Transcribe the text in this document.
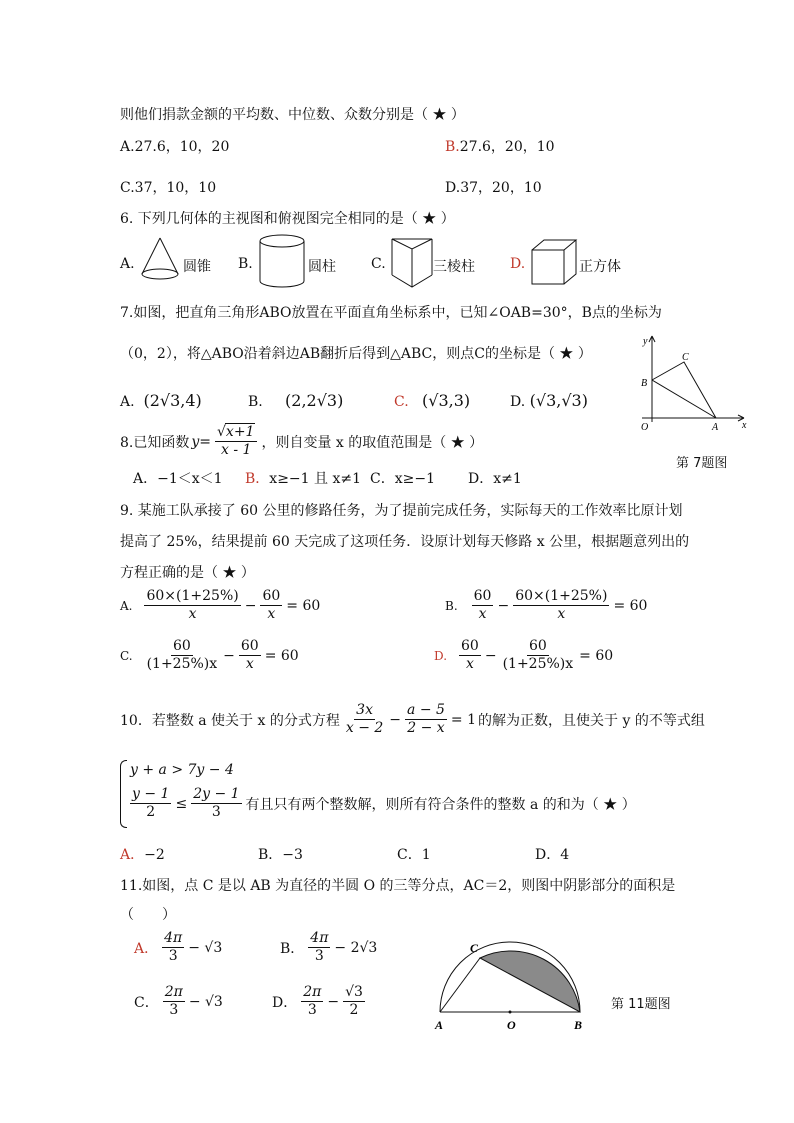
则他们捐款金额的平均数、中位数、众数分别是（ ★ ）
A.27.6，10，20	B.27.6，20，10
C.37，10，10	D.37，20，10
6. 下列几何体的主视图和俯视图完全相同的是（ ★ ）
A.	圆锥 B.	圆柱	C.	三棱柱	D.	正方体
7.如图，把直角三角形ABO放置在平面直角坐标系中，已知∠OAB=30°，B点的坐标为
（0，2），将△ABO沿着斜边AB翻折后得到△ABC，则点C的坐标是（ ★ ）
A. (2√3,4)	B. (2,2√3)	C. (√3,3)	D. (√3,√3)
y
x
O	A
B
C
第 7题图
8.已知函数 $y= \frac{√x+1}{x - 1}$ ，则自变量 x 的取值范围是（ ★ ）
A．−1＜x＜1 B．x≥−1 且 x≠1 C．x≥−1 D．x≠1
9. 某施工队承接了 60 公里的修路任务，为了提前完成任务，实际每天的工作效率比原计划
提高了 25%，结果提前 60 天完成了这项任务．设原计划每天修路 x 公里，根据题意列出的
方程正确的是（ ★ ）
A. $\frac{60\times(1+25\%)}{x} - \frac{60}{x} = 60$	B. $\frac{60}{x} - \frac{60\times(1+25\%)}{x} = 60$
C. $\frac{60}{(1+25\%)x} - \frac{60}{x} = 60$	D. $\frac{60}{x} - \frac{60}{(1+25\%)x} = 60$
10．若整数 a 使关于 x 的分式方程 $\frac{3x}{x - 2} - \frac{a - 5}{2 - x} = 1$ 的解为正数，且使关于 y 的不等式组
y + a > 7y − 4
$\frac{y - 1}{2} \le \frac{2y - 1}{3}$ 有且只有两个整数解，则所有符合条件的整数 a 的和为（ ★ ）
A．−2	B．−3	C．1	D．4
11.如图，点 C 是以 AB 为直径的半圆 O 的三等分点，AC＝2，则图中阴影部分的面积是
（　　）
A． $\frac{4\pi}{3} - √3$	B． $\frac{4\pi}{3} - 2√3$
C． $\frac{2\pi}{3} - √3$	D． $\frac{2\pi}{3} - \frac{√3}{2}$
C
A	O	B
第 11题图
